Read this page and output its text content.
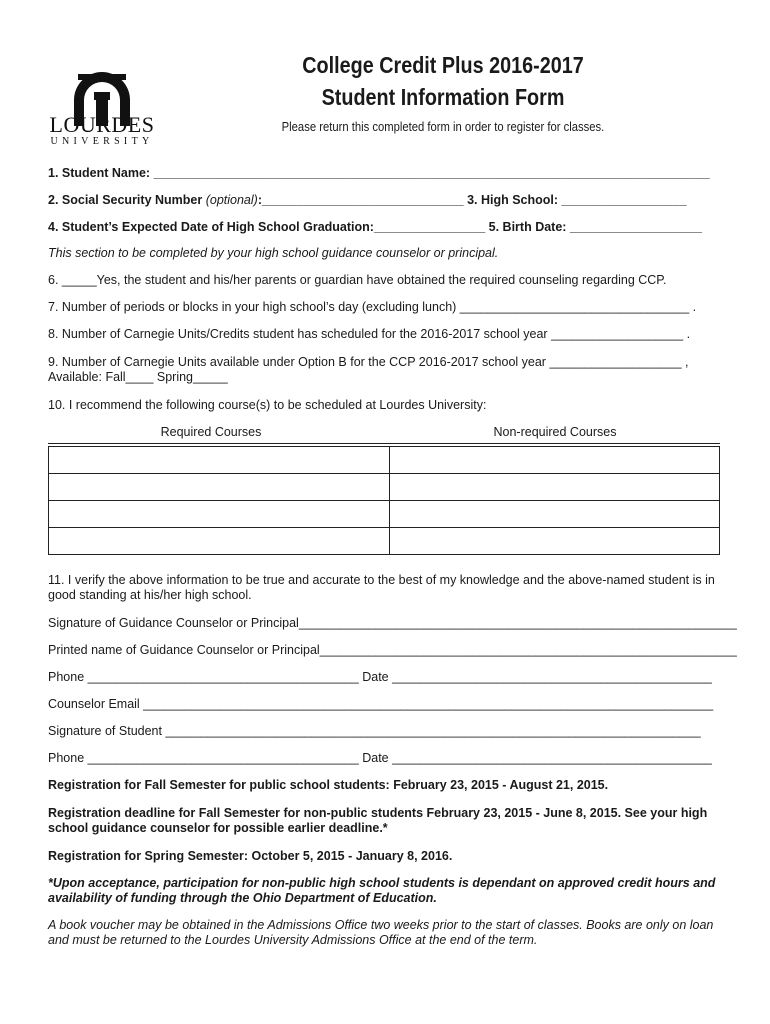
LOURDES
UNIVERSITY
College Credit Plus 2016-2017
Student Information Form
Please return this completed form in order to register for classes.
1. Student Name: ________________________________________________________________________________
2. Social Security Number (optional):_____________________________ 3. High School: __________________
4. Student’s Expected Date of High School Graduation:________________ 5. Birth Date: ___________________
This section to be completed by your high school guidance counselor or principal.
6. _____Yes, the student and his/her parents or guardian have obtained the required counseling regarding CCP.
7. Number of periods or blocks in your high school’s day (excluding lunch) _________________________________ .
8. Number of Carnegie Units/Credits student has scheduled for the 2016-2017 school year ___________________ .
9. Number of Carnegie Units available under Option B for the CCP 2016-2017 school year ___________________ ,
Available: Fall____ Spring_____
10. I recommend the following course(s) to be scheduled at Lourdes University:
Required Courses	Non-required Courses

11. I verify the above information to be true and accurate to the best of my knowledge and the above-named student is in good standing at his/her high school.
Signature of Guidance Counselor or Principal_______________________________________________________________
Printed name of Guidance Counselor or Principal____________________________________________________________
Phone _______________________________________ Date ______________________________________________
Counselor Email __________________________________________________________________________________
Signature of Student _____________________________________________________________________________
Phone _______________________________________ Date ______________________________________________
Registration for Fall Semester for public school students: February 23, 2015 - August 21, 2015.
Registration deadline for Fall Semester for non-public students February 23, 2015 - June 8, 2015. See your high school guidance counselor for possible earlier deadline.*
Registration for Spring Semester: October 5, 2015 - January 8, 2016.
*Upon acceptance, participation for non-public high school students is dependant on approved credit hours and availability of funding through the Ohio Department of Education.
A book voucher may be obtained in the Admissions Office two weeks prior to the start of classes. Books are only on loan and must be returned to the Lourdes University Admissions Office at the end of the term.
